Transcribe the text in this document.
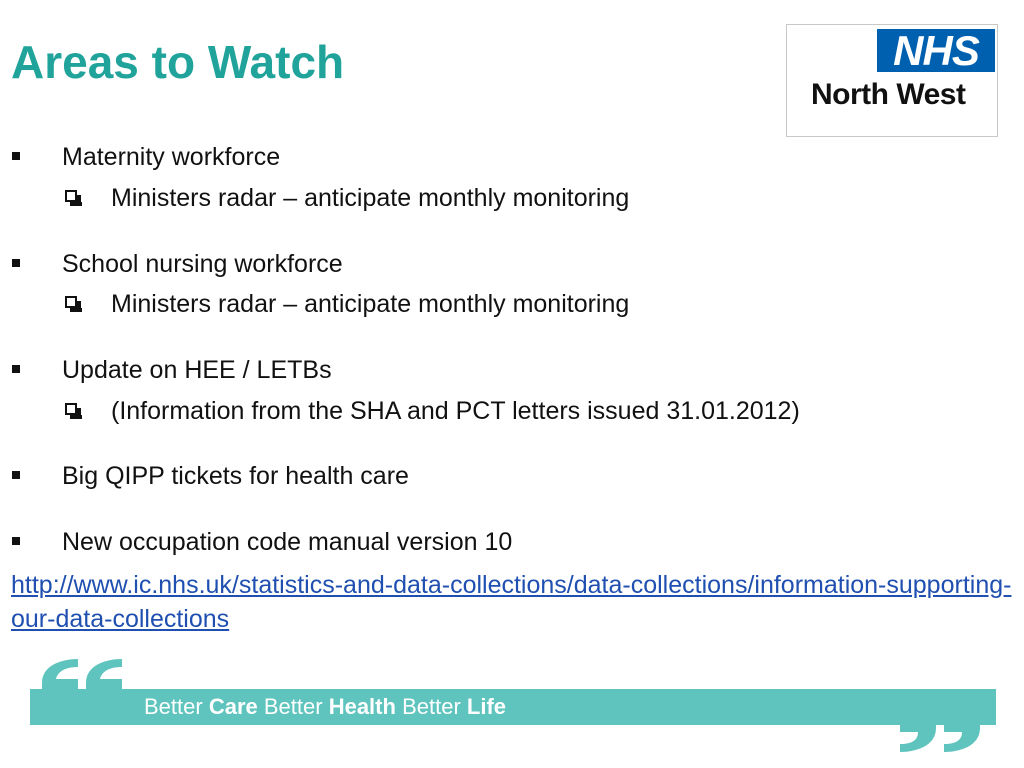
Areas to Watch	NHS
North West
Maternity workforce
Ministers radar – anticipate monthly monitoring
School nursing workforce
Ministers radar – anticipate monthly monitoring
Update on HEE / LETBs
(Information from the SHA and PCT letters issued 31.01.2012)
Big QIPP tickets for health care
New occupation code manual version 10
http://www.ic.nhs.uk/statistics-and-data-collections/data-collections/information-supporting-our-data-collections
Better Care Better Health Better Life
